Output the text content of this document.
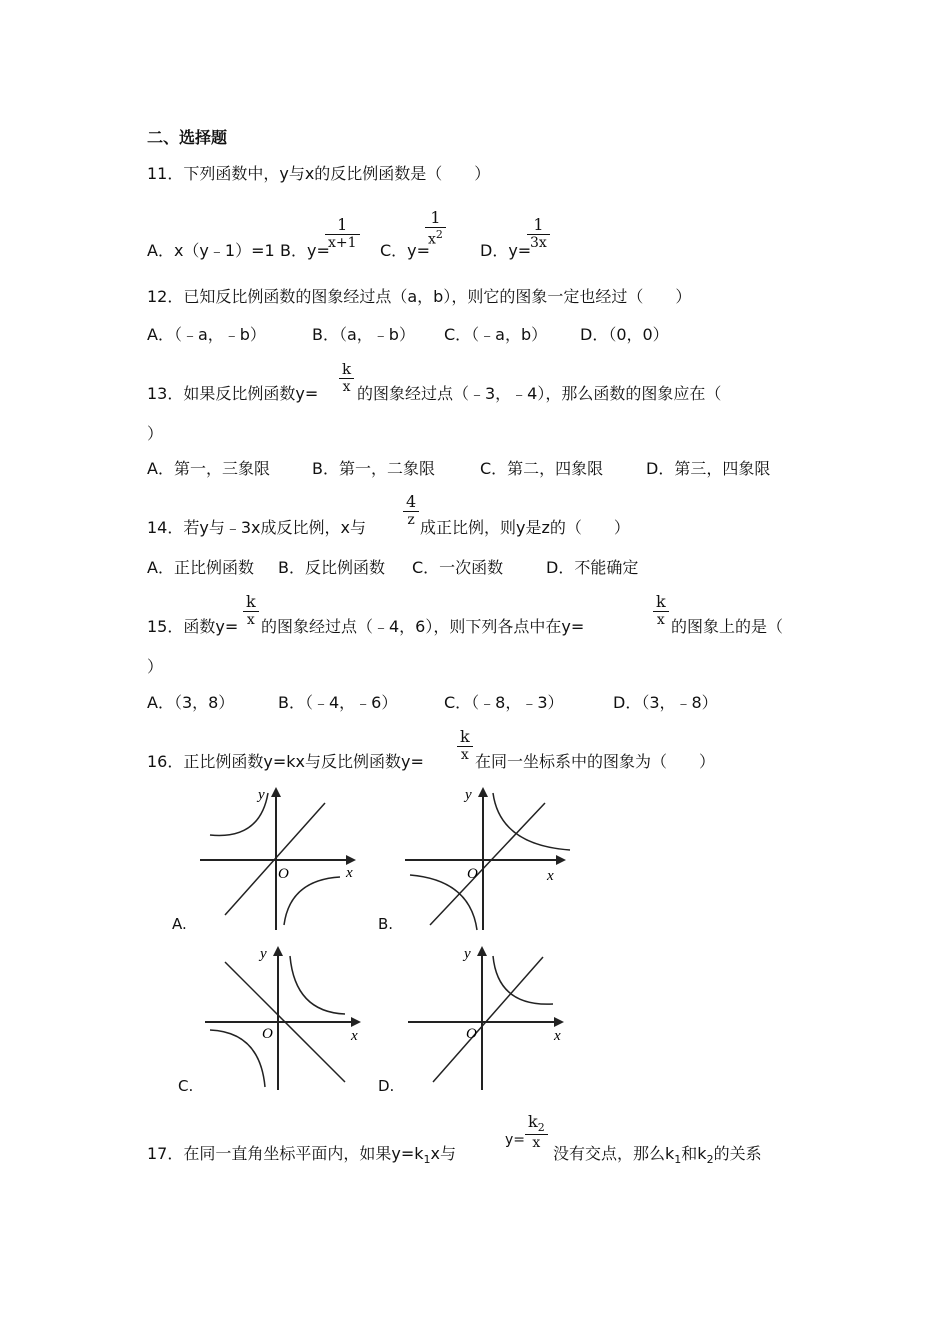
二、选择题
11．下列函数中，y与x的反比例函数是（　　）
A．x（y﹣1）=1 B．y=
$\frac{1}{x+1}$ C．y=
$\frac{1}{x^2}$
D．y=
$\frac{1}{3x}$
12．已知反比例函数的图象经过点（a，b），则它的图象一定也经过（　　）
A．（﹣a，﹣b）	B．（a，﹣b） C．（﹣a，b） D．（0，0）
13．如果反比例函数$y= \frac{k}{x}$ 的图象经过点（﹣3，﹣4），那么函数的图象应在（
）
A．第一，三象限	B．第一，二象限	C．第二，四象限	D．第三，四象限
14．若y与﹣3x成反比例，x与 $\frac{4}{z}$ 成正比例，则y是z的（　　）
A．正比例函数 B．反比例函数 C．一次函数	D．不能确定
15．函数$y= \frac{k}{x}$ 的图象经过点（﹣4，6），则下列各点中在y=	$\frac{k}{x}$ 的图象上的是（
）
A．（3，8）	B．（﹣4，﹣6）	C．（﹣8，﹣3）	D．（3，﹣8）
16．正比例函数y=kx与反比例函数$y= \frac{k}{x}$ 在同一坐标系中的图象为（　　）
y
x
O
A.
y
x
O
B.
y
x
O
C.
y
x
O
D.
17．在同一直角坐标平面内，如果$y=k_1x$与
$y= \frac{k_2}{x}$
没有交点，那么$k_1$和$k_2$的关系
